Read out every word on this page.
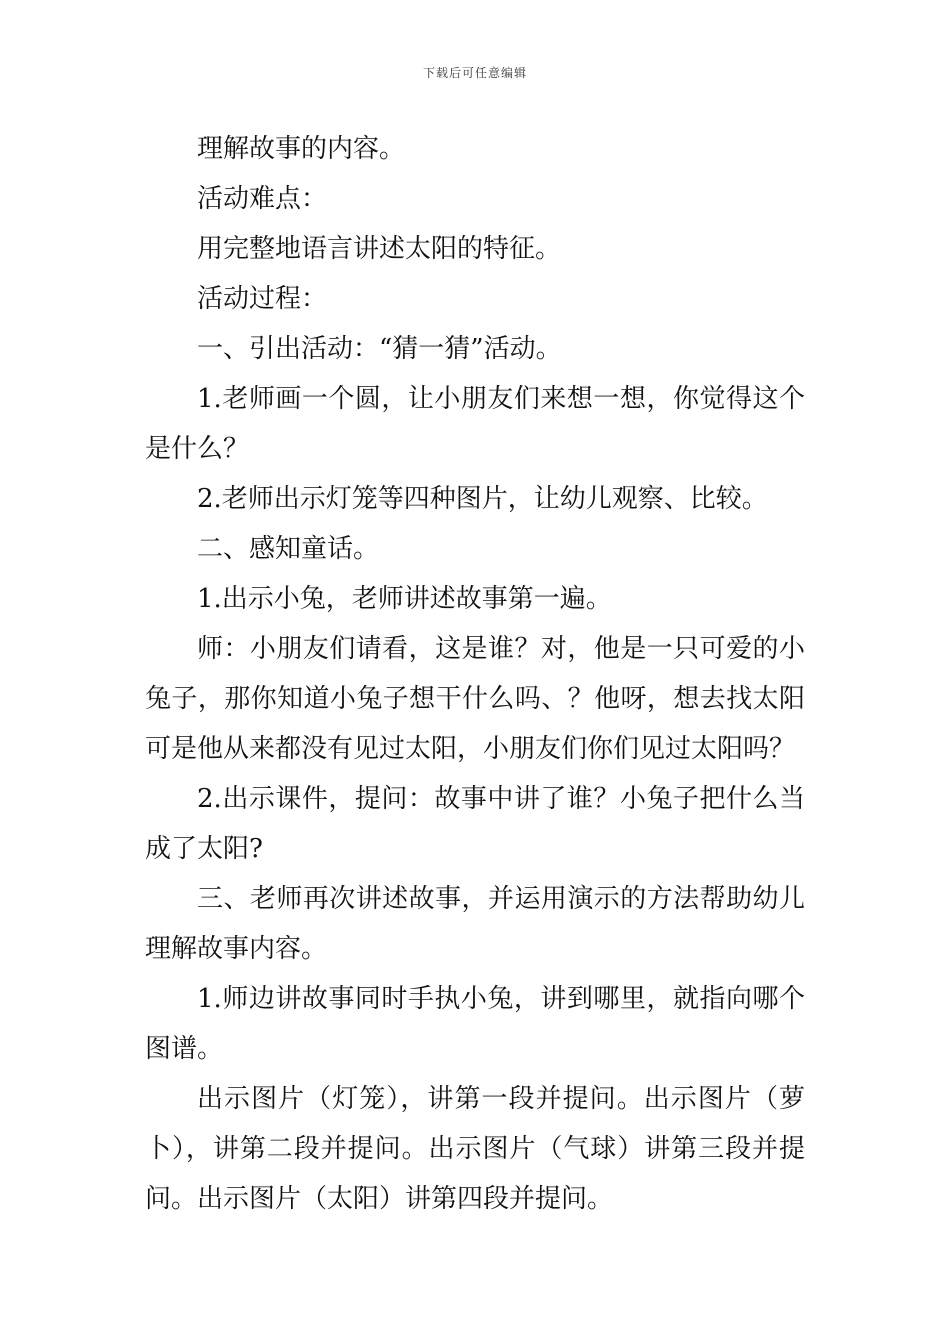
下载后可任意编辑
理解故事的内容。
活动难点：
用完整地语言讲述太阳的特征。
活动过程：
一、引出活动：“猜一猜”活动。
1.老师画一个圆，让小朋友们来想一想，你觉得这个
是什么？
2.老师出示灯笼等四种图片，让幼儿观察、比较。
二、感知童话。
1.出示小兔，老师讲述故事第一遍。
师：小朋友们请看，这是谁？对，他是一只可爱的小
兔子，那你知道小兔子想干什么吗、？他呀，想去找太阳
可是他从来都没有见过太阳，小朋友们你们见过太阳吗？
2.出示课件，提问：故事中讲了谁？小兔子把什么当
成了太阳?
三、老师再次讲述故事，并运用演示的方法帮助幼儿
理解故事内容。
1.师边讲故事同时手执小兔，讲到哪里，就指向哪个
图谱。
出示图片（灯笼），讲第一段并提问。出示图片（萝
卜），讲第二段并提问。出示图片（气球）讲第三段并提
问。出示图片（太阳）讲第四段并提问。
